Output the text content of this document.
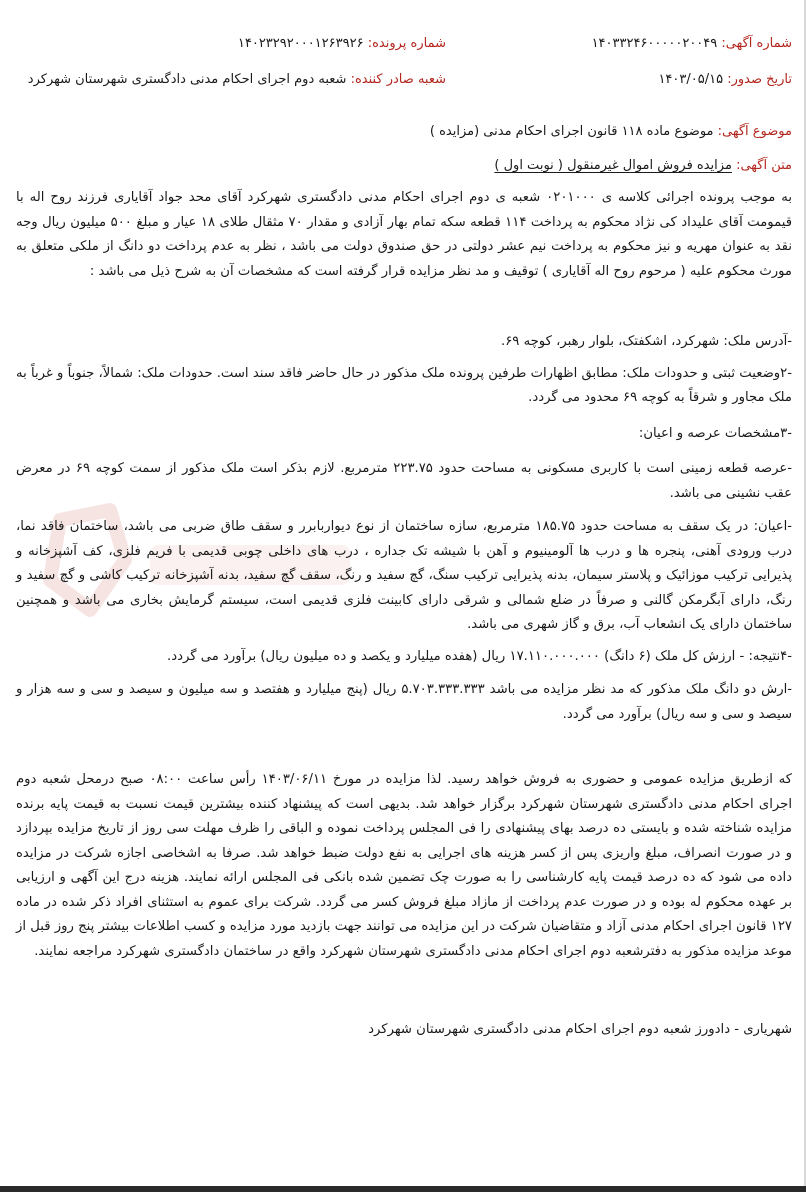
شماره آگهی: ۱۴۰۳۳۲۴۶۰۰۰۰۰۲۰۰۴۹
شماره پرونده: ۱۴۰۲۳۲۹۲۰۰۰۱۲۶۳۹۲۶
تاریخ صدور: ۱۴۰۳/۰۵/۱۵
شعبه صادر کننده: شعبه دوم اجرای احکام مدنی دادگستری شهرستان شهرکرد
موضوع آگهی: موضوع ماده ۱۱۸ قانون اجرای احکام مدنی (مزایده )
متن آگهی: مزایده فروش اموال غیرمنقول ( نوبت اول )

به موجب پرونده اجرائی کلاسه ی ۰۲۰۱۰۰۰ شعبه ی دوم اجرای احکام مدنی دادگستری شهرکرد آقای محد جواد آقایاری فرزند روح اله با قیمومت آقای علیداد کی نژاد محکوم به پرداخت ۱۱۴ قطعه سکه تمام بهار آزادی و مقدار ۷۰ مثقال طلای ۱۸ عیار و مبلغ ۵۰۰ میلیون ریال وجه نقد به عنوان مهریه و نیز محکوم به پرداخت نیم عشر دولتی در حق صندوق دولت می باشد ، نظر به عدم پرداخت دو دانگ از ملکی متعلق به مورث محکوم علیه ( مرحوم روح اله آقایاری ) توقیف و مد نظر مزایده قرار گرفته است که مشخصات آن به شرح ذیل می باشد :

-آدرس ملک: شهرکرد، اشکفتک، بلوار رهبر، کوچه ۶۹.

-۲وضعیت ثبتی و حدودات ملک: مطابق اظهارات طرفین پرونده ملک مذکور در حال حاضر فاقد سند است. حدودات ملک: شمالاً، جنوباً و غرباً به ملک مجاور و شرقاً به کوچه ۶۹ محدود می گردد.

-۳مشخصات عرصه و اعیان:

-عرصه قطعه زمینی است با کاربری مسکونی به مساحت حدود ۲۲۳.۷۵ مترمربع. لازم بذکر است ملک مذکور از سمت کوچه ۶۹ در معرض عقب نشینی می باشد.

-اعیان: در یک سقف به مساحت حدود ۱۸۵.۷۵ مترمربع، سازه ساختمان از نوع دیواربابرر و سقف طاق ضربی می باشد، ساختمان فاقد نما، درب ورودی آهنی، پنجره ها و درب ها آلومینیوم و آهن با شیشه تک جداره ، درب های داخلی چوبی قدیمی با فریم فلزی، کف آشپزخانه و پذیرایی ترکیب موزائیک و پلاستر سیمان، بدنه پذیرایی ترکیب سنگ، گچ سفید و رنگ، سقف گچ سفید، بدنه آشپزخانه ترکیب کاشی و گچ سفید و رنگ، دارای آبگرمکن گالنی و صرفاً در ضلع شمالی و شرقی دارای کابینت فلزی قدیمی است، سیستم گرمایش بخاری می باشد و همچنین ساختمان دارای یک انشعاب آب، برق و گاز شهری می باشد.

-۴نتیجه: - ارزش کل ملک (۶ دانگ) ۱۷.۱۱۰.۰۰۰.۰۰۰ ریال (هفده میلیارد و یکصد و ده میلیون ریال) برآورد می گردد.

-ارش دو دانگ ملک مذکور که مد نظر مزایده می باشد ۵.۷۰۳.۳۳۳.۳۳۳ ریال (پنج میلیارد و هفتصد و سه میلیون و سیصد و سی و سه هزار و سیصد و سی و سه ریال) برآورد می گردد.

که ازطریق مزایده عمومی و حضوری به فروش خواهد رسید. لذا مزایده در مورخ ۱۴۰۳/۰۶/۱۱ رأس ساعت ۰۸:۰۰ صبح درمحل شعبه دوم اجرای احکام مدنی دادگستری شهرستان شهرکرد برگزار خواهد شد. بدیهی است که پیشنهاد کننده بیشترین قیمت نسبت به قیمت پایه برنده مزایده شناخته شده و بایستی ده درصد بهای پیشنهادی را فی المجلس پرداخت نموده و الباقی را ظرف مهلت سی روز از تاریخ مزایده بپردازد و در صورت انصراف، مبلغ واریزی پس از کسر هزینه های اجرایی به نفع دولت ضبط خواهد شد. صرفا به اشخاصی اجازه شرکت در مزایده داده می شود که ده درصد قیمت پایه کارشناسی را به صورت چک تضمین شده بانکی فی المجلس ارائه نمایند. هزینه درج این آگهی و ارزیابی بر عهده محکوم له بوده و در صورت عدم پرداخت از مازاد مبلغ فروش کسر می گردد. شرکت برای عموم به استثنای افراد ذکر شده در ماده ۱۲۷ قانون اجرای احکام مدنی آزاد و متقاضیان شرکت در این مزایده می توانند جهت بازدید مورد مزایده و کسب اطلاعات بیشتر پنج روز قبل از موعد مزایده مذکور به دفترشعبه دوم اجرای احکام مدنی دادگستری شهرستان شهرکرد واقع در ساختمان دادگستری شهرکرد مراجعه نمایند.

شهریاری - دادورز شعبه دوم اجرای احکام مدنی دادگستری شهرستان شهرکرد
